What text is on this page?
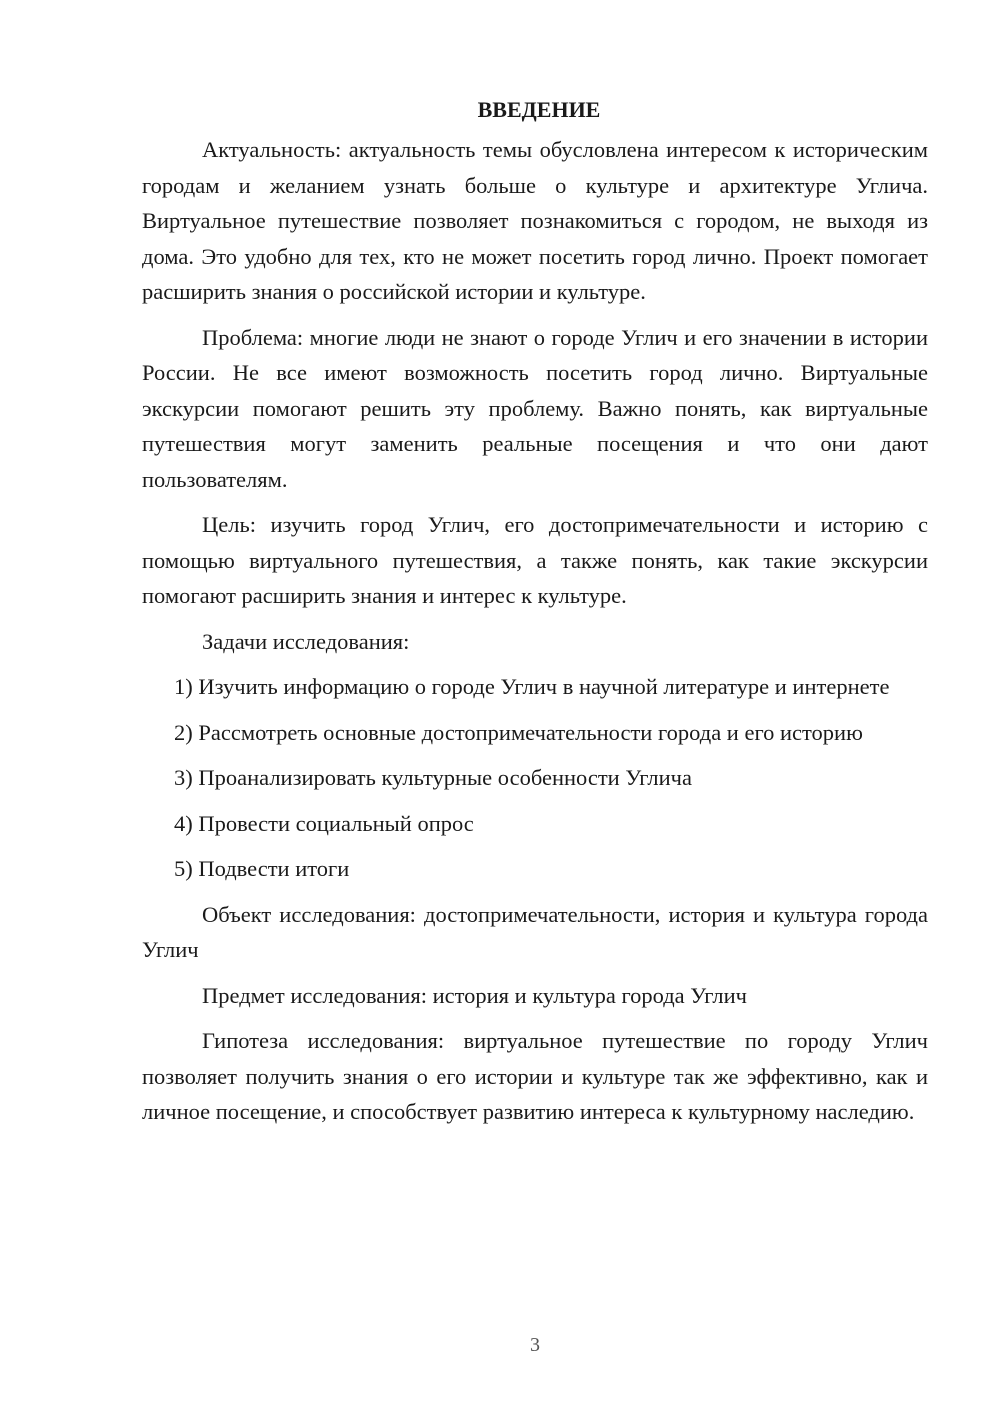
ВВЕДЕНИЕ

Актуальность: актуальность темы обусловлена интересом к историческим городам и желанием узнать больше о культуре и архитектуре Углича. Виртуальное путешествие позволяет познакомиться с городом, не выходя из дома. Это удобно для тех, кто не может посетить город лично. Проект помогает расширить знания о российской истории и культуре.

Проблема: многие люди не знают о городе Углич и его значении в истории России. Не все имеют возможность посетить город лично. Виртуальные экскурсии помогают решить эту проблему. Важно понять, как виртуальные путешествия могут заменить реальные посещения и что они дают пользователям.

Цель: изучить город Углич, его достопримечательности и историю с помощью виртуального путешествия, а также понять, как такие экскурсии помогают расширить знания и интерес к культуре.

Задачи исследования:

1) Изучить информацию о городе Углич в научной литературе и интернете

2) Рассмотреть основные достопримечательности города и его историю

3) Проанализировать культурные особенности Углича

4) Провести социальный опрос

5) Подвести итоги

Объект исследования: достопримечательности, история и культура города Углич

Предмет исследования: история и культура города Углич

Гипотеза исследования: виртуальное путешествие по городу Углич позволяет получить знания о его истории и культуре так же эффективно, как и личное посещение, и способствует развитию интереса к культурному наследию.

3
